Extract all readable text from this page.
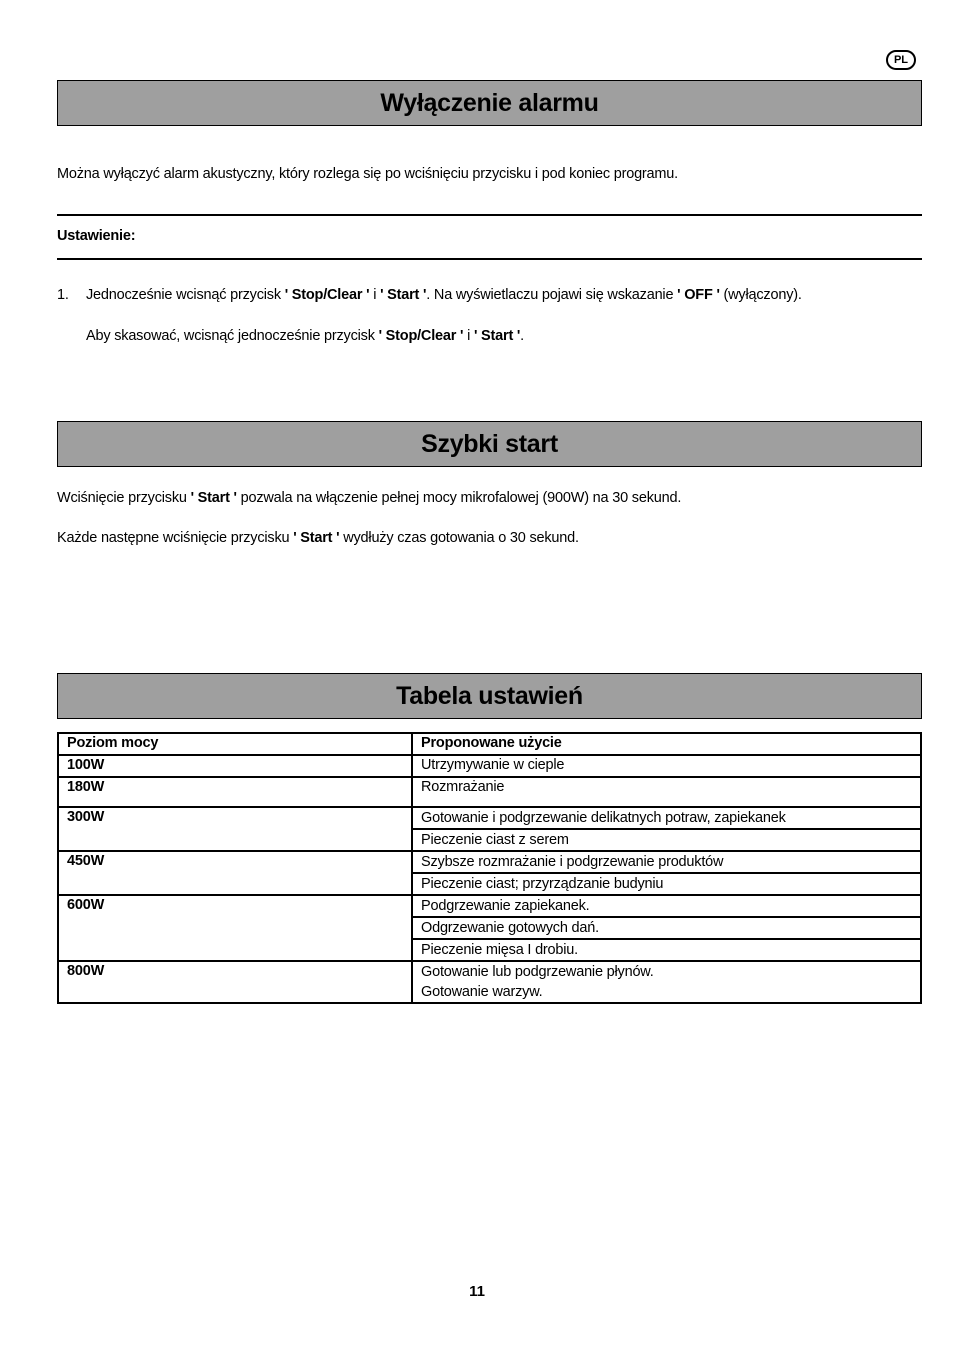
PL
Wyłączenie alarmu
Można wyłączyć alarm akustyczny, który rozlega się po wciśnięciu przycisku i pod koniec programu.
Ustawienie:
1. Jednocześnie wcisnąć przycisk ' Stop/Clear ' i ' Start '. Na wyświetlaczu pojawi się wskazanie ' OFF ' (wyłączony).
Aby skasować, wcisnąć jednocześnie przycisk ' Stop/Clear ' i ' Start '.
Szybki start
Wciśnięcie przycisku ' Start ' pozwala na włączenie pełnej mocy mikrofalowej (900W) na 30 sekund.
Każde następne wciśnięcie przycisku ' Start ' wydłuży czas gotowania o 30 sekund.
Tabela ustawień
Poziom mocy	Proponowane użycie
100W	Utrzymywanie w cieple
180W	Rozmrażanie
300W	Gotowanie i podgrzewanie delikatnych potraw, zapiekanek
Pieczenie ciast z serem

450W	Szybsze rozmrażanie i podgrzewanie produktów
Pieczenie ciast; przyrządzanie budyniu

600W	Podgrzewanie zapiekanek.
Odgrzewanie gotowych dań.
Pieczenie mięsa I drobiu.

800W	Gotowanie lub podgrzewanie płynów.
Gotowanie warzyw.
11
